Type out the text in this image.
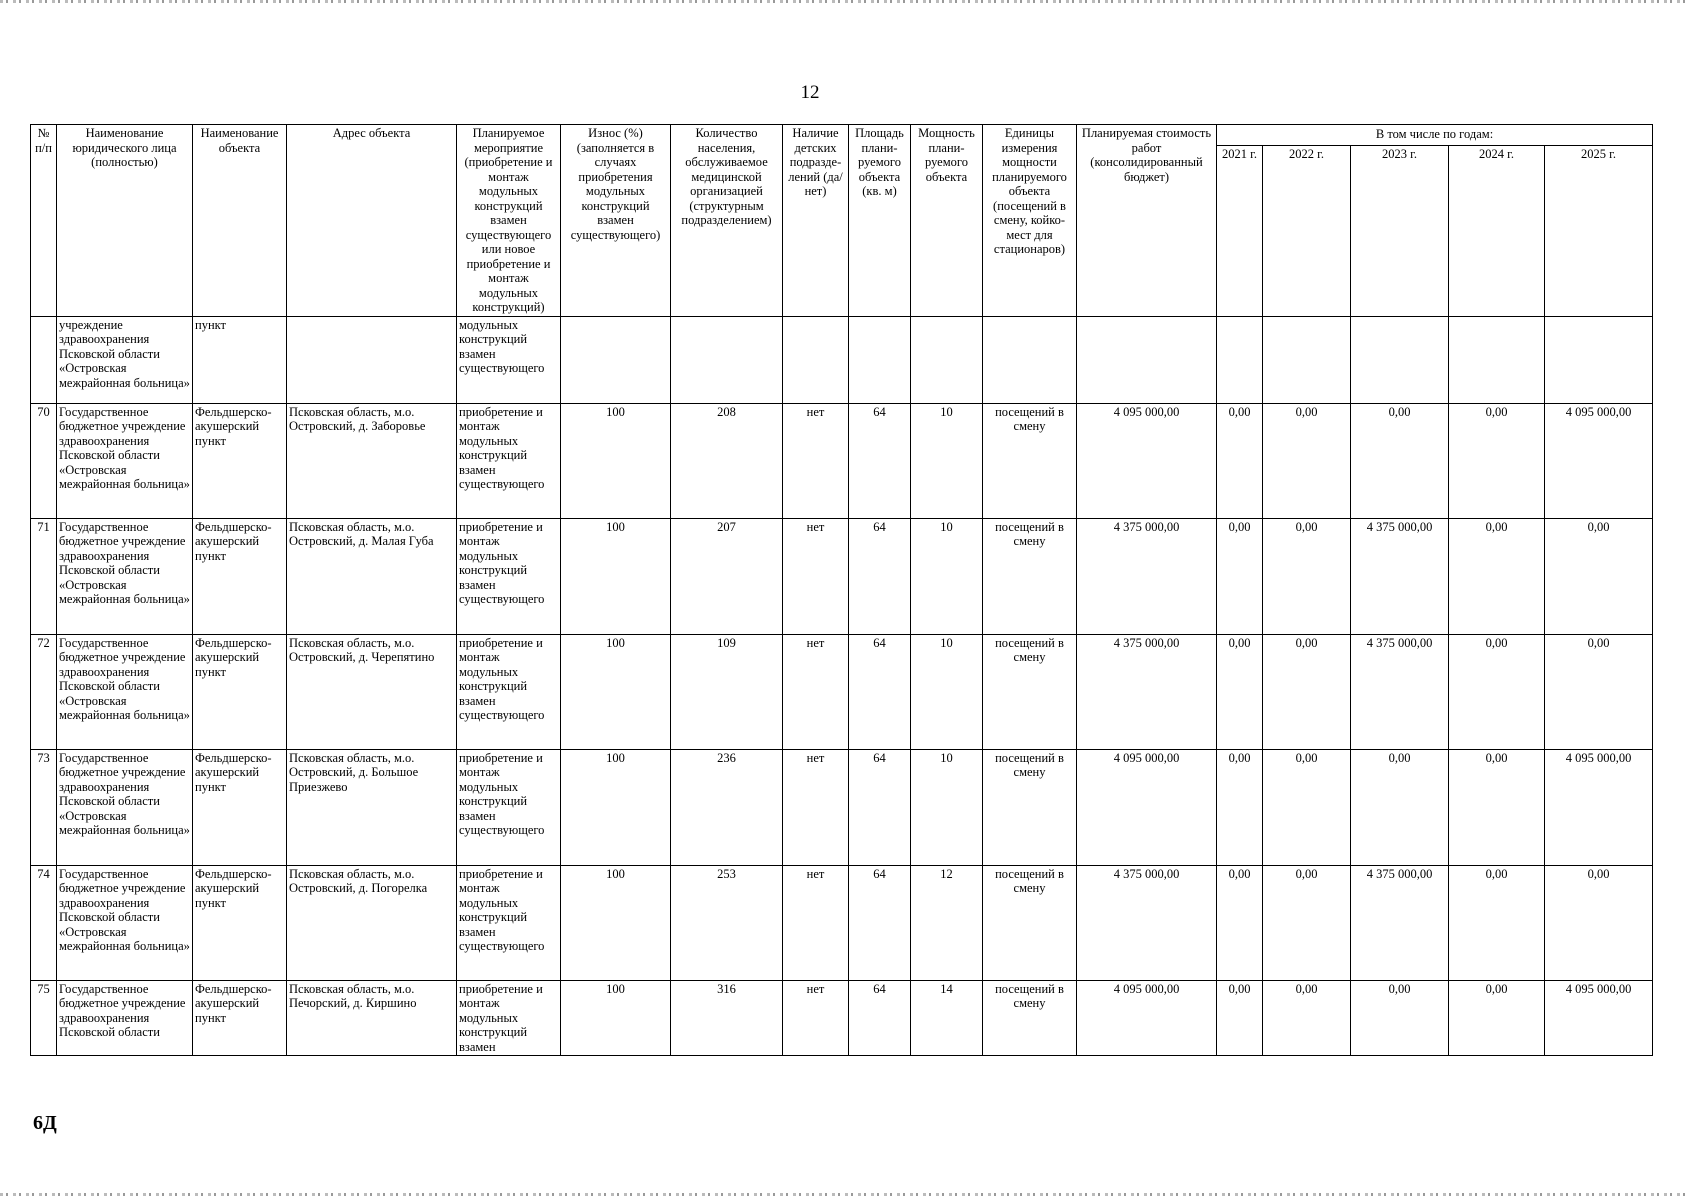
12
№ п/п	Наименование юридического лица (полностью)	Наименование объекта	Адрес объекта	Планируемое мероприятие (приобретение и монтаж модульных конструкций взамен существующего или новое приобретение и монтаж модульных конструкций)	Износ (%) (заполняется в случаях приобретения модульных конструкций взамен существующего)	Количество населения, обслуживаемое медицинской организацией (структурным подразделением)	Наличие детских подразде-лений (да/нет)	Площадь плани-руемого объекта (кв. м)	Мощность плани-руемого объекта	Единицы измерения мощности планируемого объекта (посещений в смену, койко-мест для стационаров)	Планируемая стоимость работ (консолидированный бюджет)	В том числе по годам:				
												2021 г.	2022 г.	2023 г.	2024 г.	2025 г.
	учреждение здравоохранения Псковской области «Островская межрайонная больница»	пункт		модульных конструкций взамен существующего												
70	Государственное бюджетное учреждение здравоохранения Псковской области «Островская межрайонная больница»	Фельдшерско-акушерский пункт	Псковская область, м.о. Островский, д. Заборовье	приобретение и монтаж модульных конструкций взамен существующего	100	208	нет	64	10	посещений в смену	4 095 000,00	0,00	0,00	0,00	0,00	4 095 000,00
71	Государственное бюджетное учреждение здравоохранения Псковской области «Островская межрайонная больница»	Фельдшерско-акушерский пункт	Псковская область, м.о. Островский, д. Малая Губа	приобретение и монтаж модульных конструкций взамен существующего	100	207	нет	64	10	посещений в смену	4 375 000,00	0,00	0,00	4 375 000,00	0,00	0,00
72	Государственное бюджетное учреждение здравоохранения Псковской области «Островская межрайонная больница»	Фельдшерско-акушерский пункт	Псковская область, м.о. Островский, д. Черепятино	приобретение и монтаж модульных конструкций взамен существующего	100	109	нет	64	10	посещений в смену	4 375 000,00	0,00	0,00	4 375 000,00	0,00	0,00
73	Государственное бюджетное учреждение здравоохранения Псковской области «Островская межрайонная больница»	Фельдшерско-акушерский пункт	Псковская область, м.о. Островский, д. Большое Приезжево	приобретение и монтаж модульных конструкций взамен существующего	100	236	нет	64	10	посещений в смену	4 095 000,00	0,00	0,00	0,00	0,00	4 095 000,00
74	Государственное бюджетное учреждение здравоохранения Псковской области «Островская межрайонная больница»	Фельдшерско-акушерский пункт	Псковская область, м.о. Островский, д. Погорелка	приобретение и монтаж модульных конструкций взамен существующего	100	253	нет	64	12	посещений в смену	4 375 000,00	0,00	0,00	4 375 000,00	0,00	0,00
75	Государственное бюджетное учреждение здравоохранения Псковской области	Фельдшерско-акушерский пункт	Псковская область, м.о. Печорский, д. Киршино	приобретение и монтаж модульных конструкций взамен	100	316	нет	64	14	посещений в смену	4 095 000,00	0,00	0,00	0,00	0,00	4 095 000,00
6Д
